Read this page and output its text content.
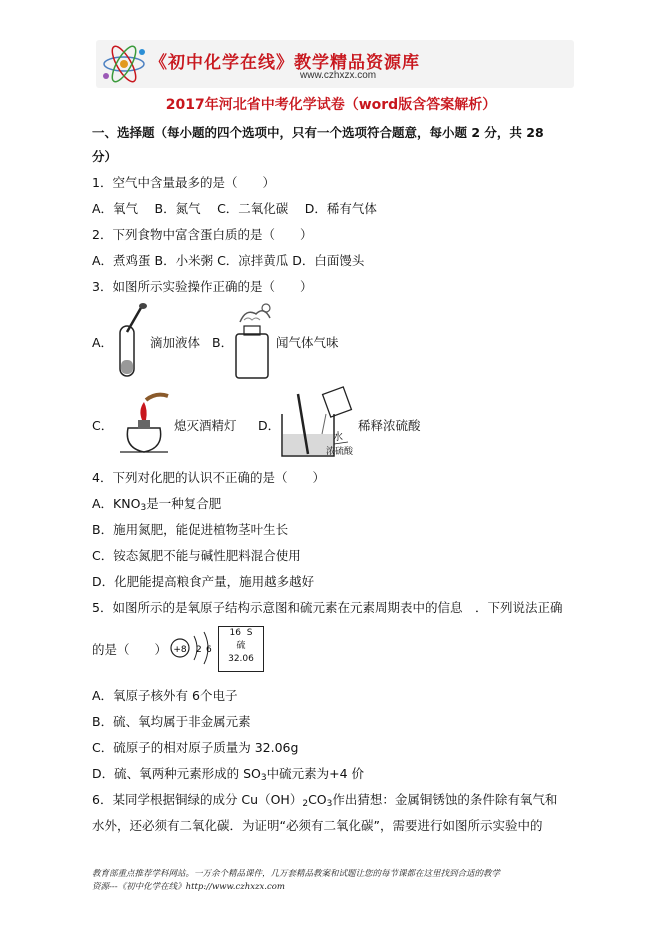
《初中化学在线》教学精品资源库
www.czhxzx.com
2017年河北省中考化学试卷（word版含答案解析）
一、选择题（每小题的四个选项中，只有一个选项符合题意，每小题 2 分，共 28
分）
1．空气中含量最多的是（　　）
A．氧气　 B．氮气　 C．二氧化碳　 D．稀有气体
2．下列食物中富含蛋白质的是（　　）
A．煮鸡蛋 B．小米粥 C．凉拌黄瓜 D．白面馒头
3．如图所示实验操作正确的是（　　）
A．	滴加液体 B．	闻气体气味
C．	熄灭酒精灯 D．
水
浓硫酸
稀释浓硫酸
4．下列对化肥的认识不正确的是（　　）
A．$KNO_3$是一种复合肥
B．施用氮肥，能促进植物茎叶生长
C．铵态氮肥不能与碱性肥料混合使用
D．化肥能提高粮食产量，施用越多越好
5．如图所示的是氧原子结构示意图和硫元素在元素周期表中的信息　．下列说法正确
的是（　　） +8 2 6
16 S
硫
32.06
A．氧原子核外有 6个电子
B．硫、氧均属于非金属元素
C．硫原子的相对原子质量为 32.06g
D．硫、氧两种元素形成的 $SO_3$中硫元素为+4 价
6．某同学根据铜绿的成分 $Cu(OH)_2CO_3$作出猜想：金属铜锈蚀的条件除有氧气和
水外，还必须有二氧化碳．为证明“必须有二氧化碳”，需要进行如图所示实验中的
教育部重点推荐学科网站。一万余个精品课件，几万套精品教案和试题让您的每节课都在这里找到合适的教学
资源---《初中化学在线》http://www.czhxzx.com
